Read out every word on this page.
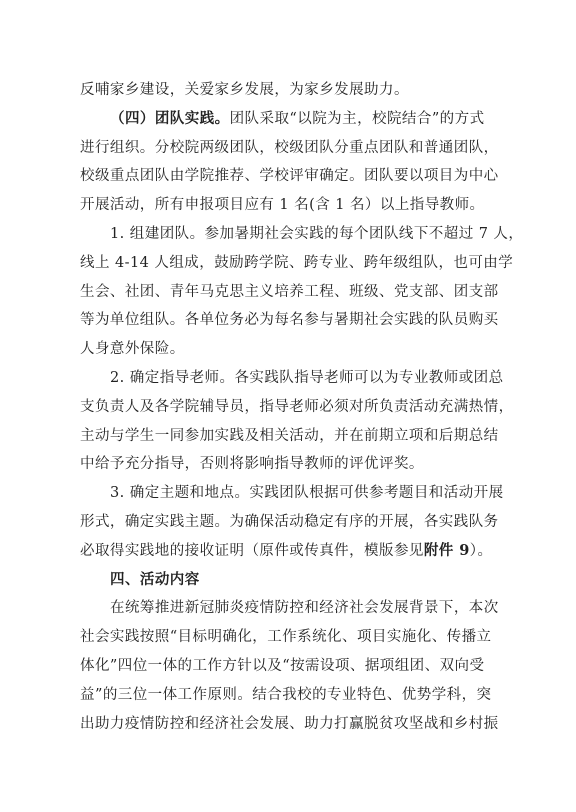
反哺家乡建设，关爱家乡发展，为家乡发展助力。
（四）团队实践。团队采取“以院为主，校院结合”的方式
进行组织。分校院两级团队，校级团队分重点团队和普通团队，
校级重点团队由学院推荐、学校评审确定。团队要以项目为中心
开展活动，所有申报项目应有 1 名(含 1 名）以上指导教师。
1. 组建团队。参加暑期社会实践的每个团队线下不超过 7 人，
线上 4-14 人组成，鼓励跨学院、跨专业、跨年级组队，也可由学
生会、社团、青年马克思主义培养工程、班级、党支部、团支部
等为单位组队。各单位务必为每名参与暑期社会实践的队员购买
人身意外保险。
2. 确定指导老师。各实践队指导老师可以为专业教师或团总
支负责人及各学院辅导员，指导老师必须对所负责活动充满热情，
主动与学生一同参加实践及相关活动，并在前期立项和后期总结
中给予充分指导，否则将影响指导教师的评优评奖。
3. 确定主题和地点。实践团队根据可供参考题目和活动开展
形式，确定实践主题。为确保活动稳定有序的开展，各实践队务
必取得实践地的接收证明（原件或传真件，模版参见附件 9）。
四、活动内容
在统筹推进新冠肺炎疫情防控和经济社会发展背景下，本次
社会实践按照“目标明确化，工作系统化、项目实施化、传播立
体化”四位一体的工作方针以及“按需设项、据项组团、双向受
益”的三位一体工作原则。结合我校的专业特色、优势学科，突
出助力疫情防控和经济社会发展、助力打赢脱贫攻坚战和乡村振
